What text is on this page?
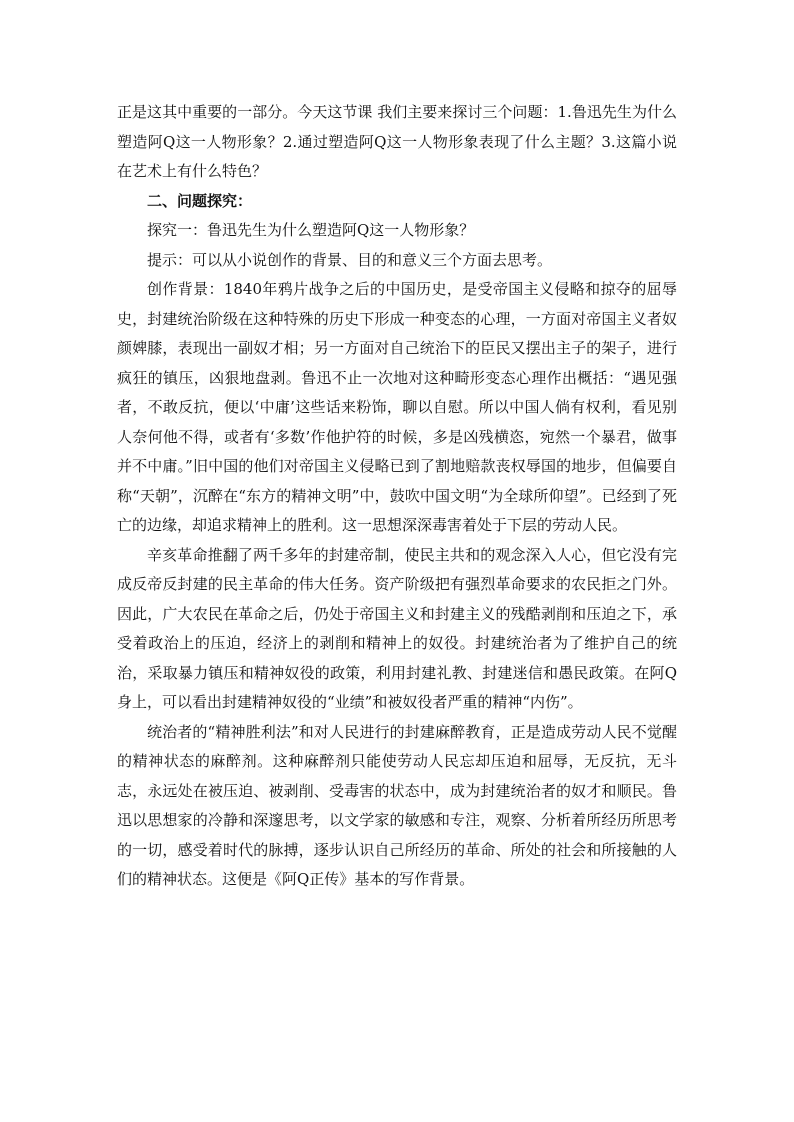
正是这其中重要的一部分。今天这节课 我们主要来探讨三个问题：1.鲁迅先生为什么塑造阿Q这一人物形象？2.通过塑造阿Q这一人物形象表现了什么主题？3.这篇小说在艺术上有什么特色？

二、问题探究：

探究一：鲁迅先生为什么塑造阿Q这一人物形象？

提示：可以从小说创作的背景、目的和意义三个方面去思考。

创作背景：1840年鸦片战争之后的中国历史，是受帝国主义侵略和掠夺的屈辱史，封建统治阶级在这种特殊的历史下形成一种变态的心理，一方面对帝国主义者奴颜婢膝，表现出一副奴才相；另一方面对自己统治下的臣民又摆出主子的架子，进行疯狂的镇压，凶狠地盘剥。鲁迅不止一次地对这种畸形变态心理作出概括：“遇见强者，不敢反抗，便以‘中庸’这些话来粉饰，聊以自慰。所以中国人倘有权利，看见别人奈何他不得，或者有‘多数’作他护符的时候，多是凶残横恣，宛然一个暴君，做事并不中庸。”旧中国的他们对帝国主义侵略已到了割地赔款丧权辱国的地步，但偏要自称“天朝”，沉醉在“东方的精神文明”中，鼓吹中国文明“为全球所仰望”。已经到了死亡的边缘，却追求精神上的胜利。这一思想深深毒害着处于下层的劳动人民。

辛亥革命推翻了两千多年的封建帝制，使民主共和的观念深入人心，但它没有完成反帝反封建的民主革命的伟大任务。资产阶级把有强烈革命要求的农民拒之门外。因此，广大农民在革命之后，仍处于帝国主义和封建主义的残酷剥削和压迫之下，承受着政治上的压迫，经济上的剥削和精神上的奴役。封建统治者为了维护自己的统治，采取暴力镇压和精神奴役的政策，利用封建礼教、封建迷信和愚民政策。在阿Q身上，可以看出封建精神奴役的“业绩”和被奴役者严重的精神“内伤”。

统治者的“精神胜利法”和对人民进行的封建麻醉教育，正是造成劳动人民不觉醒的精神状态的麻醉剂。这种麻醉剂只能使劳动人民忘却压迫和屈辱，无反抗，无斗志，永远处在被压迫、被剥削、受毒害的状态中，成为封建统治者的奴才和顺民。鲁迅以思想家的冷静和深邃思考，以文学家的敏感和专注，观察、分析着所经历所思考的一切，感受着时代的脉搏，逐步认识自己所经历的革命、所处的社会和所接触的人们的精神状态。这便是《阿Q正传》基本的写作背景。
